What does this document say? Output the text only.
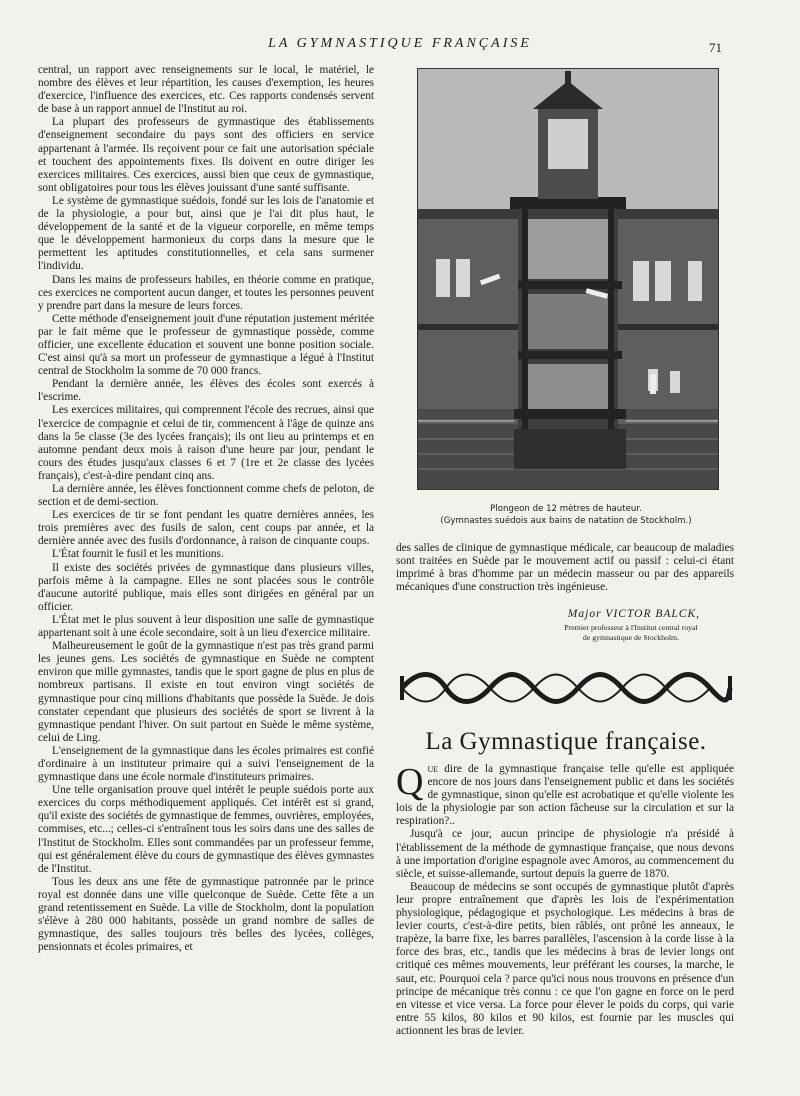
LA GYMNASTIQUE FRANÇAISE	71

central, un rapport avec renseignements sur le local, le matériel, le nombre des élèves et leur répartition, les causes d'exemption, les heures d'exercice, l'influence des exercices, etc. Ces rapports condensés servent de base à un rapport annuel de l'Institut au roi.

La plupart des professeurs de gymnastique des établissements d'enseignement secondaire du pays sont des officiers en service appartenant à l'armée. Ils reçoivent pour ce fait une autorisation spéciale et touchent des appointements fixes. Ils doivent en outre diriger les exercices militaires. Ces exercices, aussi bien que ceux de gymnastique, sont obligatoires pour tous les élèves jouissant d'une santé suffisante.

Le système de gymnastique suédois, fondé sur les lois de l'anatomie et de la physiologie, a pour but, ainsi que je l'ai dit plus haut, le développement de la santé et de la vigueur corporelle, en même temps que le développement harmonieux du corps dans la mesure que le permettent les aptitudes constitutionnelles, et cela sans surmener l'individu.

Dans les mains de professeurs habiles, en théorie comme en pratique, ces exercices ne comportent aucun danger, et toutes les personnes peuvent y prendre part dans la mesure de leurs forces.

Cette méthode d'enseignement jouit d'une réputation justement méritée par le fait même que le professeur de gymnastique possède, comme officier, une excellente éducation et souvent une bonne position sociale. C'est ainsi qu'à sa mort un professeur de gymnastique a légué à l'Institut central de Stockholm la somme de 70 000 francs.

Pendant la dernière année, les élèves des écoles sont exercés à l'escrime.

Les exercices militaires, qui comprennent l'école des recrues, ainsi que l'exercice de compagnie et celui de tir, commencent à l'âge de quinze ans dans la 5e classe (3e des lycées français); ils ont lieu au printemps et en automne pendant deux mois à raison d'une heure par jour, pendant le cours des études jusqu'aux classes 6 et 7 (1re et 2e classe des lycées français), c'est-à-dire pendant cinq ans.

La dernière année, les élèves fonctionnent comme chefs de peloton, de section et de demi-section.

Les exercices de tir se font pendant les quatre dernières années, les trois premières avec des fusils de salon, cent coups par année, et la dernière année avec des fusils d'ordonnance, à raison de cinquante coups.

L'État fournit le fusil et les munitions.

Il existe des sociétés privées de gymnastique dans plusieurs villes, parfois même à la campagne. Elles ne sont placées sous le contrôle d'aucune autorité publique, mais elles sont dirigées en général par un officier.

L'État met le plus souvent à leur disposition une salle de gymnastique appartenant soit à une école secondaire, soit à un lieu d'exercice militaire.

Malheureusement le goût de la gymnastique n'est pas très grand parmi les jeunes gens. Les sociétés de gymnastique en Suède ne comptent environ que mille gymnastes, tandis que le sport gagne de plus en plus de nombreux partisans. Il existe en tout environ vingt sociétés de gymnastique pour cinq millions d'habitants que possède la Suède. Je dois constater cependant que plusieurs des sociétés de sport se livrent à la gymnastique pendant l'hiver. On suit partout en Suède le même système, celui de Ling.

L'enseignement de la gymnastique dans les écoles primaires est confié d'ordinaire à un instituteur primaire qui a suivi l'enseignement de la gymnastique dans une école normale d'instituteurs primaires.

Une telle organisation prouve quel intérêt le peuple suédois porte aux exercices du corps méthodiquement appliqués. Cet intérêt est si grand, qu'il existe des sociétés de gymnastique de femmes, ouvrières, employées, commises, etc...; celles-ci s'entraînent tous les soirs dans une des salles de l'Institut de Stockholm. Elles sont commandées par un professeur femme, qui est généralement élève du cours de gymnastique des élèves gymnastes de l'Institut.

Tous les deux ans une fête de gymnastique patronnée par le prince royal est donnée dans une ville quelconque de Suède. Cette fête a un grand retentissement en Suède. La ville de Stockholm, dont la population s'élève à 280 000 habitants, possède un grand nombre de salles de gymnastique, des salles toujours très belles des lycées, collèges, pensionnats et écoles primaires, et

Plongeon de 12 mètres de hauteur.
(Gymnastes suédois aux bains de natation de Stockholm.)

des salles de clinique de gymnastique médicale, car beaucoup de maladies sont traitées en Suède par le mouvement actif ou passif : celui-ci étant imprimé à bras d'homme par un médecin masseur ou par des appareils mécaniques d'une construction très ingénieuse.

Major VICTOR BALCK,
Premier professeur à l'Institut central royal
de gymnastique de Stockholm.
La Gymnastique française.

Que dire de la gymnastique française telle qu'elle est appliquée encore de nos jours dans l'enseignement public et dans les sociétés de gymnastique, sinon qu'elle est acrobatique et qu'elle violente les lois de la physiologie par son action fâcheuse sur la circulation et sur la respiration?..

Jusqu'à ce jour, aucun principe de physiologie n'a présidé à l'établissement de la méthode de gymnastique française, que nous devons à une importation d'origine espagnole avec Amoros, au commencement du siècle, et suisse-allemande, surtout depuis la guerre de 1870.

Beaucoup de médecins se sont occupés de gymnastique plutôt d'après leur propre entraînement que d'après les lois de l'expérimentation physiologique, pédagogique et psychologique. Les médecins à bras de levier courts, c'est-à-dire petits, bien râblés, ont prôné les anneaux, le trapèze, la barre fixe, les barres parallèles, l'ascension à la corde lisse à la force des bras, etc., tandis que les médecins à bras de levier longs ont critiqué ces mêmes mouvements, leur préférant les courses, la marche, le saut, etc. Pourquoi cela ? parce qu'ici nous nous trouvons en présence d'un principe de mécanique très connu : ce que l'on gagne en force on le perd en vitesse et vice versa. La force pour élever le poids du corps, qui varie entre 55 kilos, 80 kilos et 90 kilos, est fournie par les muscles qui actionnent les bras de levier.
